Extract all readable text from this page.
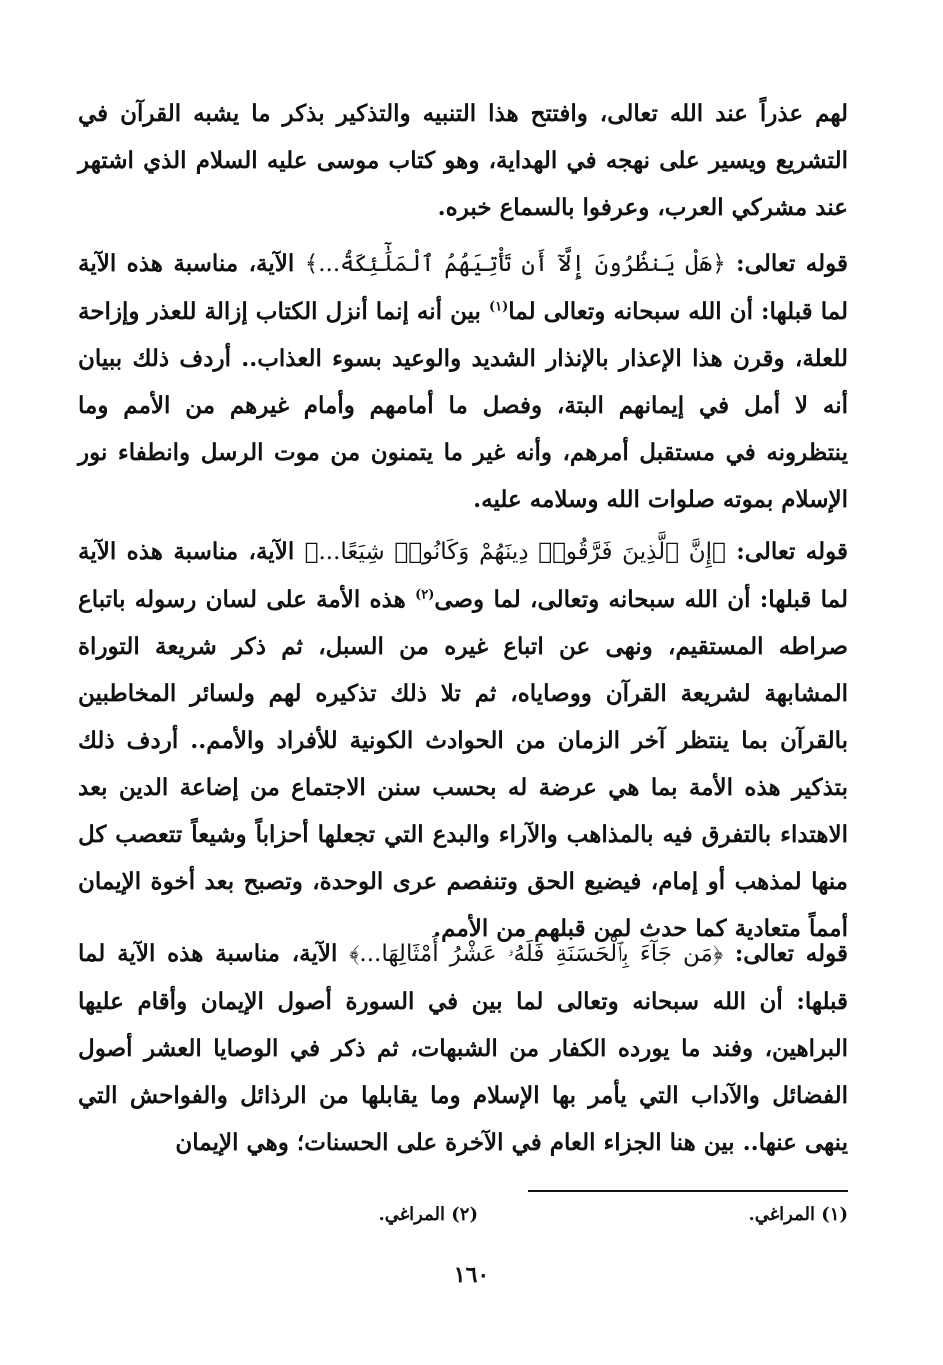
لهم عذراً عند الله تعالى، وافتتح هذا التنبيه والتذكير بذكر ما يشبه القرآن في التشريع ويسير على نهجه في الهداية، وهو كتاب موسى عليه السلام الذي اشتهر عند مشركي العرب، وعرفوا بالسماع خبره.

قوله تعالى: ﴿هَلْ يَنظُرُونَ إِلَّآ أَن تَأْتِيَهُمُ ٱلْمَلَٰٓئِكَةُ...﴾ الآية، مناسبة هذه الآية لما قبلها: أن الله سبحانه وتعالى لما$^{(١)}$ بين أنه إنما أنزل الكتاب إزالة للعذر وإزاحة للعلة، وقرن هذا الإعذار بالإنذار الشديد والوعيد بسوء العذاب.. أردف ذلك ببيان أنه لا أمل في إيمانهم البتة، وفصل ما أمامهم وأمام غيرهم من الأمم وما ينتظرونه في مستقبل أمرهم، وأنه غير ما يتمنون من موت الرسل وانطفاء نور الإسلام بموته صلوات الله وسلامه عليه.

قوله تعالى: ﴿إِنَّ ٱلَّذِينَ فَرَّقُوا۟ دِينَهُمْ وَكَانُوا۟ شِيَعًا...﴾ الآية، مناسبة هذه الآية لما قبلها: أن الله سبحانه وتعالى، لما وصى$^{(٢)}$ هذه الأمة على لسان رسوله باتباع صراطه المستقيم، ونهى عن اتباع غيره من السبل، ثم ذكر شريعة التوراة المشابهة لشريعة القرآن ووصاياه، ثم تلا ذلك تذكيره لهم ولسائر المخاطبين بالقرآن بما ينتظر آخر الزمان من الحوادث الكونية للأفراد والأمم.. أردف ذلك بتذكير هذه الأمة بما هي عرضة له بحسب سنن الاجتماع من إضاعة الدين بعد الاهتداء بالتفرق فيه بالمذاهب والآراء والبدع التي تجعلها أحزاباً وشيعاً تتعصب كل منها لمذهب أو إمام، فيضيع الحق وتنفصم عرى الوحدة، وتصبح بعد أخوة الإيمان أمماً متعادية كما حدث لمن قبلهم من الأمم.

قوله تعالى: ﴿مَن جَآءَ بِٱلْحَسَنَةِ فَلَهُۥ عَشْرُ أَمْثَالِهَا...﴾ الآية، مناسبة هذه الآية لما قبلها: أن الله سبحانه وتعالى لما بين في السورة أصول الإيمان وأقام عليها البراهين، وفند ما يورده الكفار من الشبهات، ثم ذكر في الوصايا العشر أصول الفضائل والآداب التي يأمر بها الإسلام وما يقابلها من الرذائل والفواحش التي ينهى عنها.. بين هنا الجزاء العام في الآخرة على الحسنات؛ وهي الإيمان

(١) المراغي.
(٢) المراغي.
١٦٠
